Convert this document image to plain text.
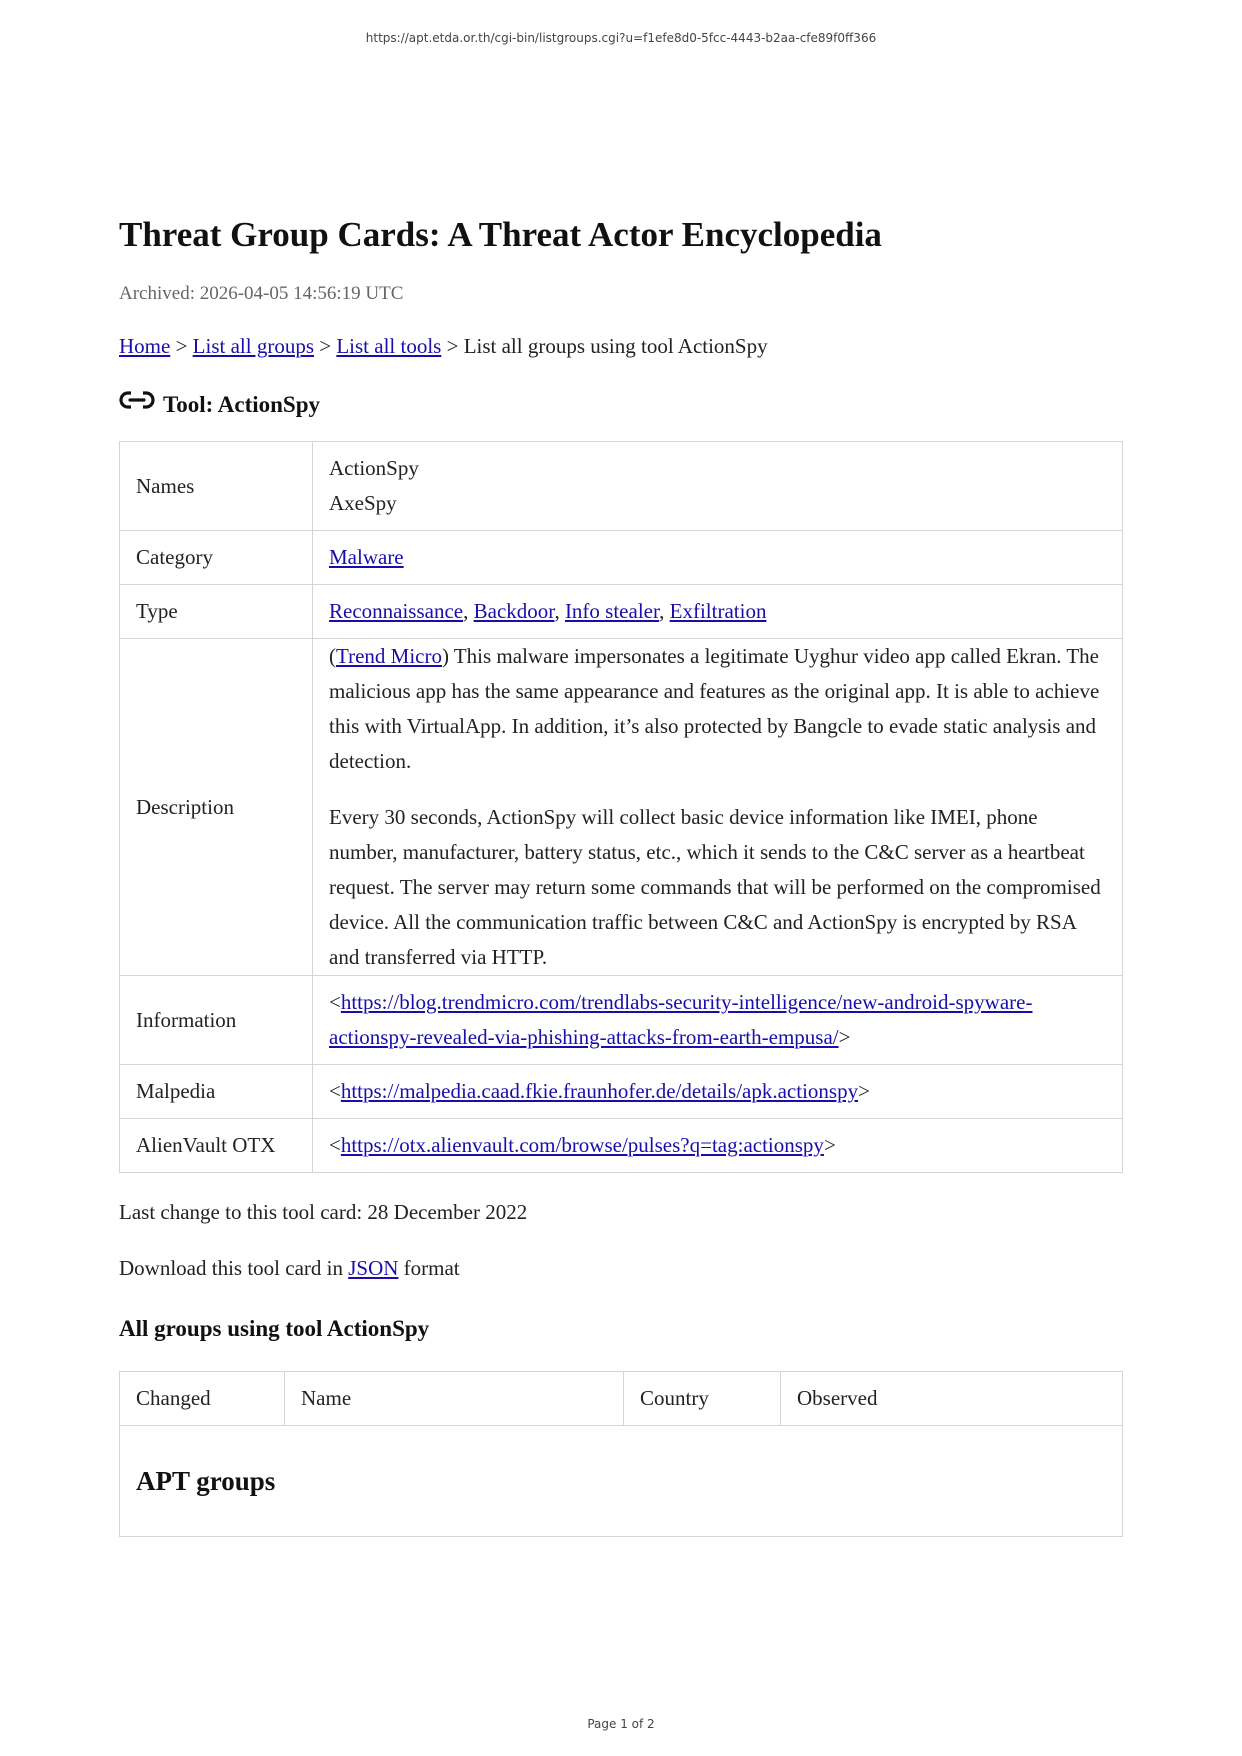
https://apt.etda.or.th/cgi-bin/listgroups.cgi?u=f1efe8d0-5fcc-4443-b2aa-cfe89f0ff366
Threat Group Cards: A Threat Actor Encyclopedia
Archived: 2026-04-05 14:56:19 UTC
Home > List all groups > List all tools > List all groups using tool ActionSpy
Tool: ActionSpy
Names	ActionSpy
AxeSpy

Category	Malware
Type	Reconnaissance, Backdoor, Info stealer, Exfiltration
Description	(Trend Micro) This malware impersonates a legitimate Uyghur video app called Ekran. The malicious app has the same appearance and features as the original app. It is able to achieve this with VirtualApp. In addition, it’s also protected by Bangcle to evade static analysis and detection.

Every 30 seconds, ActionSpy will collect basic device information like IMEI, phone number, manufacturer, battery status, etc., which it sends to the C&C server as a heartbeat request. The server may return some commands that will be performed on the compromised device. All the communication traffic between C&C and ActionSpy is encrypted by RSA and transferred via HTTP.

Information	<https://blog.trendmicro.com/trendlabs-security-intelligence/new-android-spyware-actionspy-revealed-via-phishing-attacks-from-earth-empusa/>
Malpedia	<https://malpedia.caad.fkie.fraunhofer.de/details/apk.actionspy>
AlienVault OTX	<https://otx.alienvault.com/browse/pulses?q=tag:actionspy>
Last change to this tool card: 28 December 2022
Download this tool card in JSON format
All groups using tool ActionSpy
Changed	Name	Country	Observed
APT groups
Page 1 of 2
